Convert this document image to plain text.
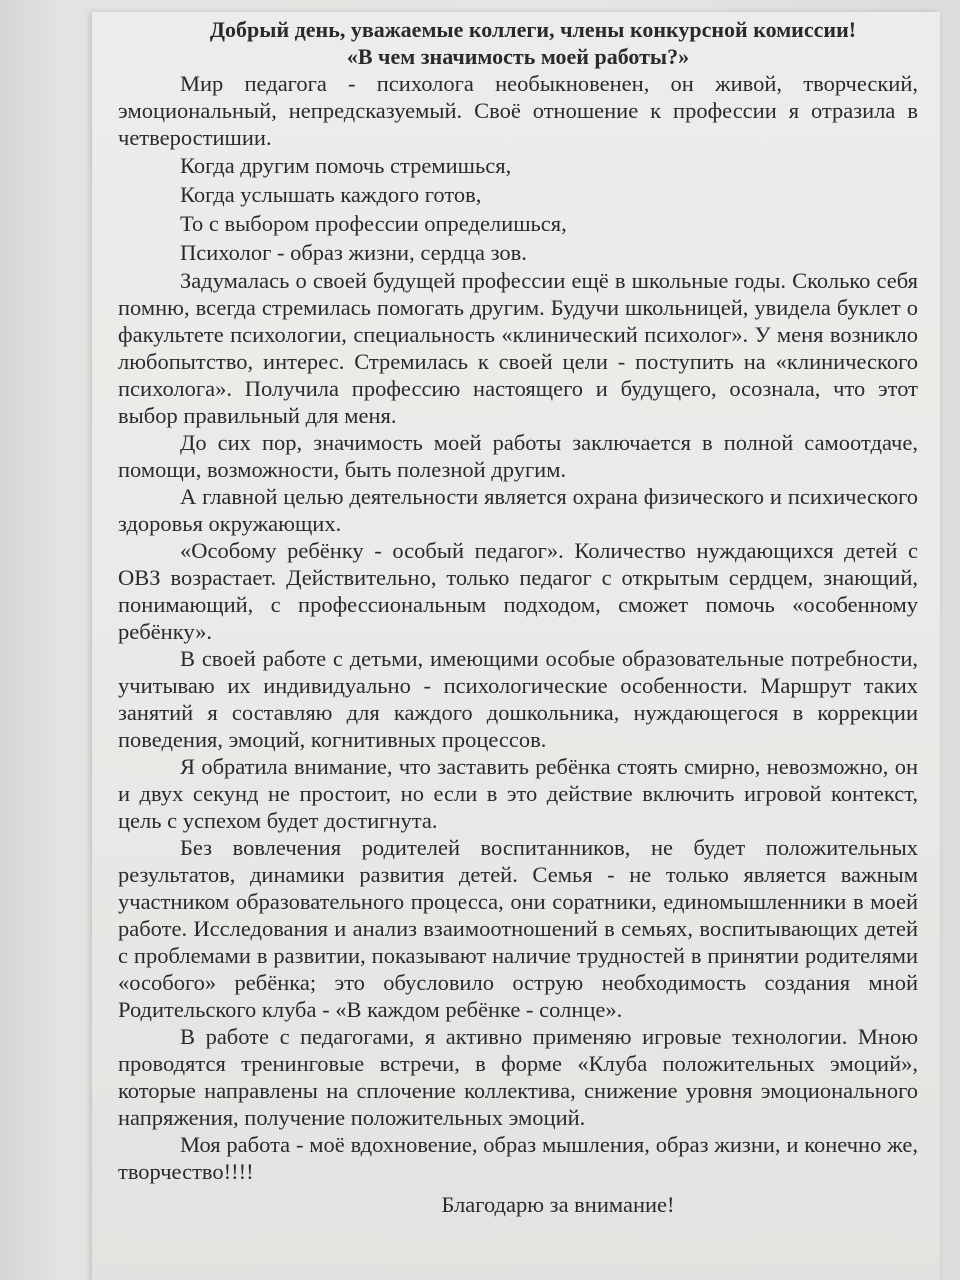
Добрый день, уважаемые коллеги, члены конкурсной комиссии!

«В чем значимость моей работы?»

Мир педагога - психолога необыкновенен, он живой, творческий, эмоциональный, непредсказуемый. Своё отношение к профессии я отразила в четверостишии.

Когда другим помочь стремишься,
Когда услышать каждого готов,
То с выбором профессии определишься,
Психолог - образ жизни, сердца зов.

Задумалась о своей будущей профессии ещё в школьные годы. Сколько себя помню, всегда стремилась помогать другим. Будучи школьницей, увидела буклет о факультете психологии, специальность «клинический психолог». У меня возникло любопытство, интерес. Стремилась к своей цели - поступить на «клинического психолога». Получила профессию настоящего и будущего, осознала, что этот выбор правильный для меня.

До сих пор, значимость моей работы заключается в полной самоотдаче, помощи, возможности, быть полезной другим.

А главной целью деятельности является охрана физического и психического здоровья окружающих.

«Особому ребёнку - особый педагог». Количество нуждающихся детей с ОВЗ возрастает. Действительно, только педагог с открытым сердцем, знающий, понимающий, с профессиональным подходом, сможет помочь «особенному ребёнку».

В своей работе с детьми, имеющими особые образовательные потребности, учитываю их индивидуально - психологические особенности. Маршрут таких занятий я составляю для каждого дошкольника, нуждающегося в коррекции поведения, эмоций, когнитивных процессов.

Я обратила внимание, что заставить ребёнка стоять смирно, невозможно, он и двух секунд не простоит, но если в это действие включить игровой контекст, цель с успехом будет достигнута.

Без вовлечения родителей воспитанников, не будет положительных результатов, динамики развития детей. Семья - не только является важным участником образовательного процесса, они соратники, единомышленники в моей работе. Исследования и анализ взаимоотношений в семьях, воспитывающих детей с проблемами в развитии, показывают наличие трудностей в принятии родителями «особого» ребёнка; это обусловило острую необходимость создания мной Родительского клуба - «В каждом ребёнке - солнце».

В работе с педагогами, я активно применяю игровые технологии. Мною проводятся тренинговые встречи, в форме «Клуба положительных эмоций», которые направлены на сплочение коллектива, снижение уровня эмоционального напряжения, получение положительных эмоций.

Моя работа - моё вдохновение, образ мышления, образ жизни, и конечно же, творчество!!!!

Благодарю за внимание!
